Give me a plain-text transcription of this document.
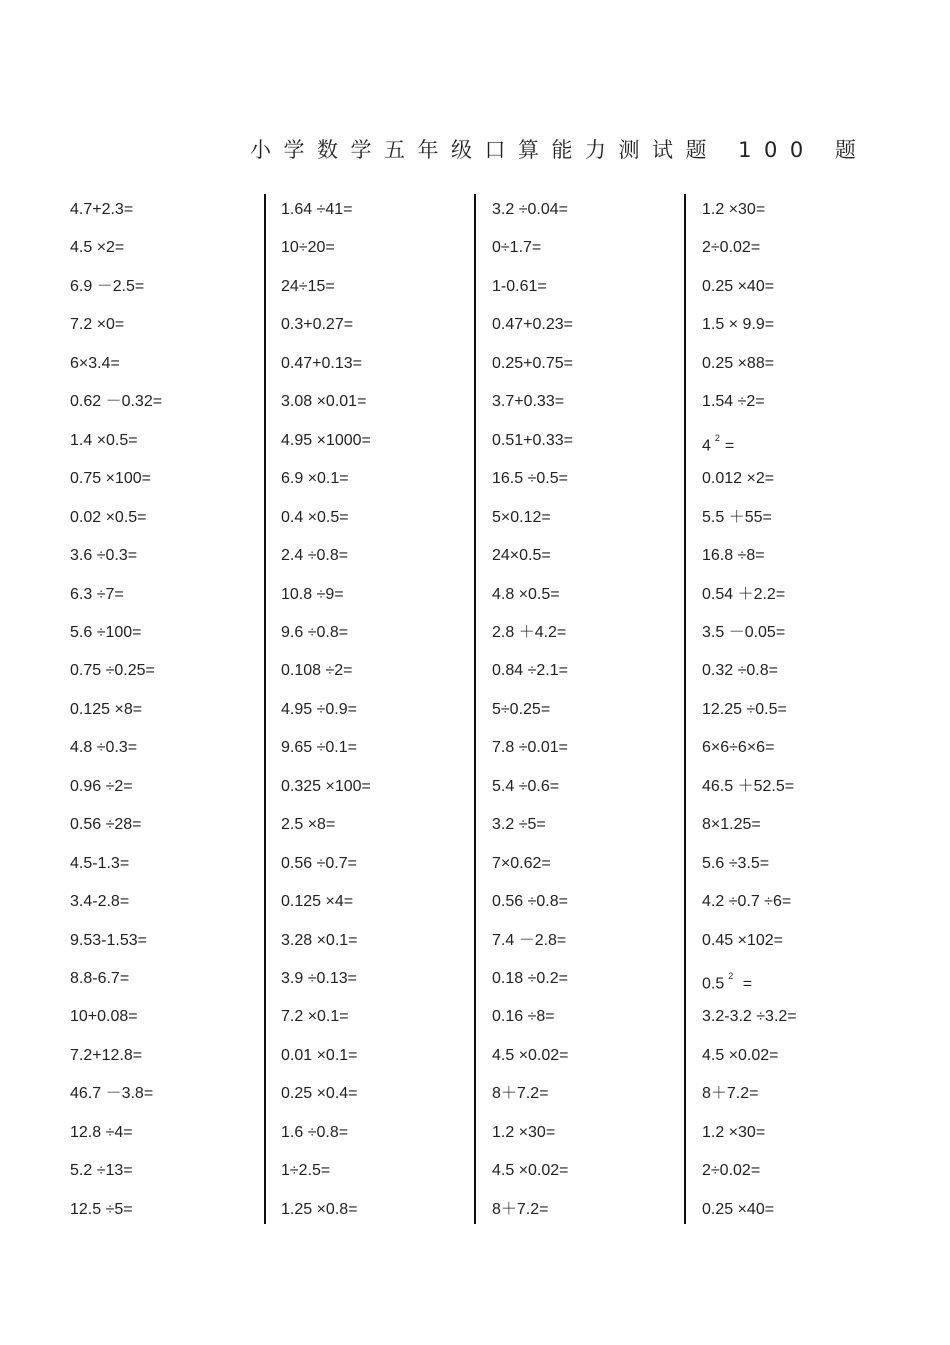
小学数学五年级口算能力测试题 100 题
4.7+2.3=
4.5 ×2=
6.9 －2.5=
7.2 ×0=
6×3.4=
0.62 －0.32=
1.4 ×0.5=
0.75 ×100=
0.02 ×0.5=
3.6 ÷0.3=
6.3 ÷7=
5.6 ÷100=
0.75 ÷0.25=
0.125 ×8=
4.8 ÷0.3=
0.96 ÷2=
0.56 ÷28=
4.5-1.3=
3.4-2.8=
9.53-1.53=
8.8-6.7=
10+0.08=
7.2+12.8=
46.7 －3.8=
12.8 ÷4=
5.2 ÷13=
12.5 ÷5=
1.64 ÷41=
10÷20=
24÷15=
0.3+0.27=
0.47+0.13=
3.08 ×0.01=
4.95 ×1000=
6.9 ×0.1=
0.4 ×0.5=
2.4 ÷0.8=
10.8 ÷9=
9.6 ÷0.8=
0.108 ÷2=
4.95 ÷0.9=
9.65 ÷0.1=
0.325 ×100=
2.5 ×8=
0.56 ÷0.7=
0.125 ×4=
3.28 ×0.1=
3.9 ÷0.13=
7.2 ×0.1=
0.01 ×0.1=
0.25 ×0.4=
1.6 ÷0.8=
1÷2.5=
1.25 ×0.8=
3.2 ÷0.04=
0÷1.7=
1-0.61=
0.47+0.23=
0.25+0.75=
3.7+0.33=
0.51+0.33=
16.5 ÷0.5=
5×0.12=
24×0.5=
4.8 ×0.5=
2.8 ＋4.2=
0.84 ÷2.1=
5÷0.25=
7.8 ÷0.01=
5.4 ÷0.6=
3.2 ÷5=
7×0.62=
0.56 ÷0.8=
7.4 －2.8=
0.18 ÷0.2=
0.16 ÷8=
4.5 ×0.02=
8＋7.2=
1.2 ×30=
4.5 ×0.02=
8＋7.2=
1.2 ×30=
2÷0.02=
0.25 ×40=
1.5 × 9.9=
0.25 ×88=
1.54 ÷2=
4 $^2$ =
0.012 ×2=
5.5 ＋55=
16.8 ÷8=
0.54 ＋2.2=
3.5 －0.05=
0.32 ÷0.8=
12.25 ÷0.5=
6×6÷6×6=
46.5 ＋52.5=
8×1.25=
5.6 ÷3.5=
4.2 ÷0.7 ÷6=
0.45 ×102=
0.5 $^2$ =
3.2-3.2 ÷3.2=
4.5 ×0.02=
8＋7.2=
1.2 ×30=
2÷0.02=
0.25 ×40=
